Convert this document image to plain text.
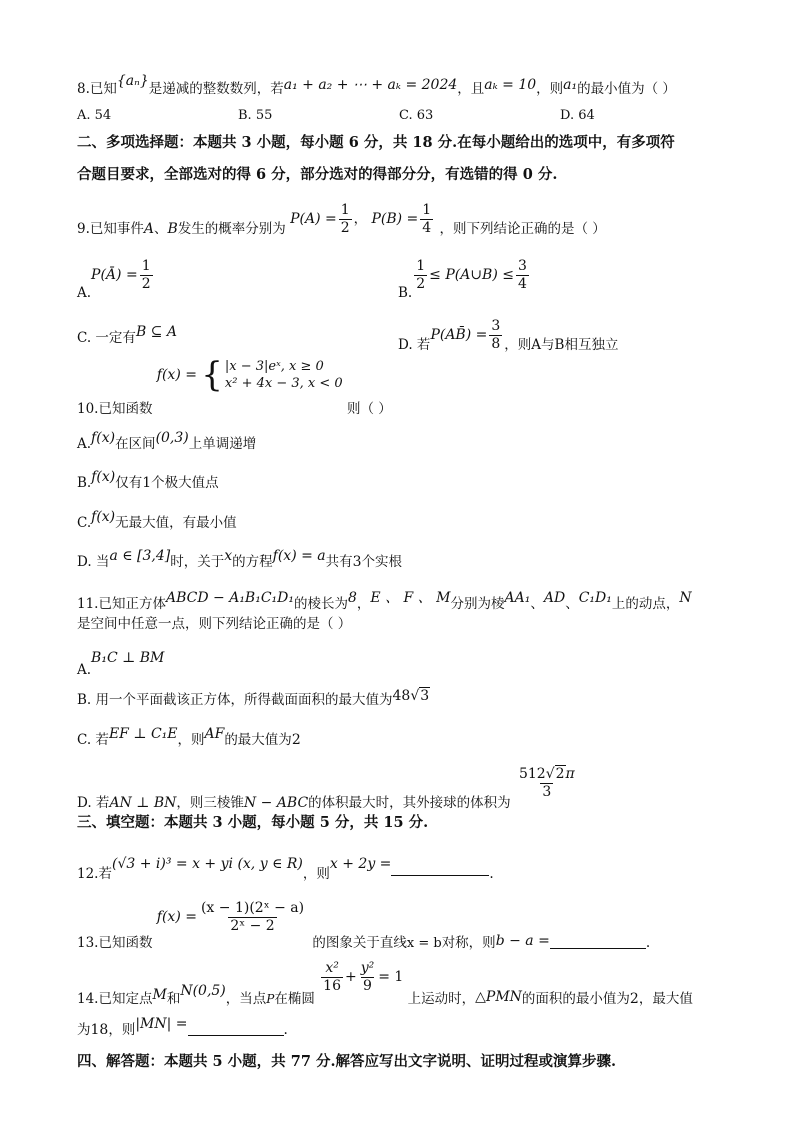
8.已知{aₙ}是递减的整数数列，若a₁ + a₂ + ⋯ + aₖ = 2024，且aₖ = 10，则a₁的最小值为（ ）
A. 54	B. 55	C. 63	D. 64
二、多项选择题：本题共 3 小题，每小题 6 分，共 18 分.在每小题给出的选项中，有多项符
合题目要求，全部选对的得 6 分，部分选对的得部分分，有选错的得 0 分.
9.已知事件A、B发生的概率分别为 $P(A) = \frac{1}{2}$ ， $P(B) = \frac{1}{4}$ ，则下列结论正确的是（ ）
A.P(Ā) = $\frac{1}{2}$	B. $\frac{1}{2}$ ≤ P(A∪B) ≤ $\frac{3}{4}$
C. 一定有B ⊆ A
D. 若P(AB̄) = $\frac{3}{8}$ ，则A与B相互独立
10.已知函数 f(x) = { |x − 3|eˣ, x ≥ 0
x² + 4x − 3, x < 0
则（ ）
A.f(x)在区间(0,3)上单调递增
B.f(x)仅有1个极大值点
C.f(x)无最大值，有最小值
D. 当a ∈ [3,4]时，关于x的方程f(x) = a共有3个实根
11.已知正方体ABCD − A₁B₁C₁D₁的棱长为8，E 、 F 、 M分别为棱AA₁、AD、C₁D₁上的动点，N
是空间中任意一点，则下列结论正确的是（ ）
A.B₁C ⊥ BM
B. 用一个平面截该正方体，所得截面面积的最大值为48√3
C. 若EF ⊥ C₁E，则AF的最大值为2
D. 若AN ⊥ BN，则三棱锥N − ABC的体积最大时，其外接球的体积为
$\frac{512√2\pi}{3}$
三、填空题：本题共 3 小题，每小题 5 分，共 15 分.
12.若(√3 + i)³ = x + yi (x, y ∈ R)，则x + 2y =.
13.已知函数 $f(x) = \frac{\text{(x − 1)(2ˣ − a)}}{\text{2ˣ − 2}}$
的图象关于直线x = b对称，则b − a =	.
14.已知定点M和N(0,5)，当点P在椭圆
$\frac{\text{x²}}{16} + \frac{\text{y²}}{9} = 1$ 上运动时，△PMN的面积的最小值为2，最大值
为18，则|MN| =	.
四、解答题：本题共 5 小题，共 77 分.解答应写出文字说明、证明过程或演算步骤.
